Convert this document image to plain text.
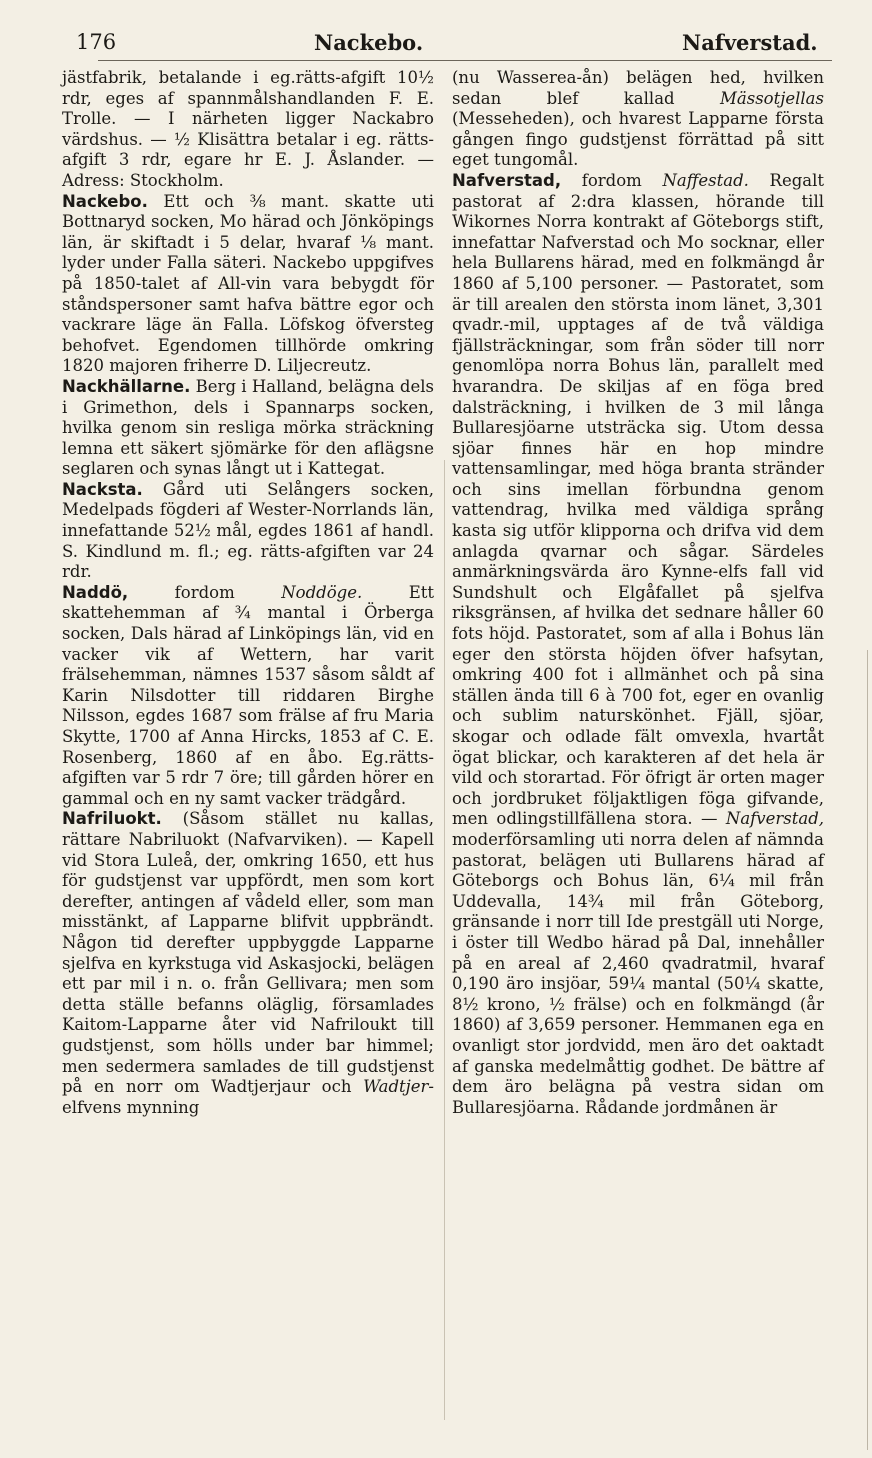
176	Nackebo.	Nafverstad.

jästfabrik, betalande i eg.rätts-afgift 10½ rdr, eges af spannmålshandlanden F. E. Trolle. — I närheten ligger Nackabro värdshus. — ½ Klisättra betalar i eg. rätts-afgift 3 rdr, egare hr E. J. Åslander. — Adress: Stockholm.

Nackebo. Ett och ⅜ mant. skatte uti Bottnaryd socken, Mo härad och Jönköpings län, är skiftadt i 5 delar, hvaraf ⅛ mant. lyder under Falla säteri. Nackebo uppgifves på 1850-talet af All-vin vara bebygdt för ståndspersoner samt hafva bättre egor och vackrare läge än Falla. Löfskog öfversteg behofvet. Egendomen tillhörde omkring 1820 majoren friherre D. Liljecreutz.

Nackhällarne. Berg i Halland, belägna dels i Grimethon, dels i Spannarps socken, hvilka genom sin resliga mörka sträckning lemna ett säkert sjömärke för den aflägsne seglaren och synas långt ut i Kattegat.

Nacksta. Gård uti Selångers socken, Medelpads fögderi af Wester-Norrlands län, innefattande 52½ mål, egdes 1861 af handl. S. Kindlund m. fl.; eg. rätts-afgiften var 24 rdr.

Naddö,	fordom	Noddöge.	Ett skattehemman af ¾ mantal i Örberga socken, Dals härad af Linköpings län, vid en vacker vik af Wettern, har varit frälsehemman, nämnes 1537 såsom såldt af Karin Nilsdotter till riddaren Birghe Nilsson, egdes 1687 som frälse af fru Maria Skytte, 1700 af Anna Hircks, 1853 af C. E. Rosenberg, 1860 af en åbo. Eg.rätts-afgiften var 5 rdr 7 öre; till gården hörer en gammal och en ny samt vacker trädgård.

Nafriluokt. (Såsom stället nu kallas, rättare Nabriluokt (Nafvarviken). — Kapell vid Stora Luleå, der, omkring 1650, ett hus för gudstjenst var uppfördt, men som kort derefter, antingen af vådeld eller, som man misstänkt, af Lapparne blifvit uppbrändt. Någon tid derefter uppbyggde Lapparne sjelfva en kyrkstuga vid Askasjocki, belägen ett par mil i n. o. från Gellivara; men som detta ställe befanns oläglig, församlades Kaitom-Lapparne åter vid Nafriloukt till gudstjenst, som hölls under bar himmel; men sedermera samlades de till gudstjenst på en norr om Wadtjerjaur och Wadtjer-elfvens mynning

(nu Wasserea-ån) belägen hed, hvilken sedan blef kallad	Mässotjellas (Messeheden), och hvarest Lapparne första gången fingo gudstjenst förrättad på sitt eget tungomål.

Nafverstad, fordom Naffestad. Regalt pastorat af 2:dra klassen, hörande till Wikornes Norra kontrakt af Göteborgs stift, innefattar Nafverstad och Mo socknar, eller hela Bullarens härad, med en folkmängd år 1860 af 5,100 personer. — Pastoratet, som är till arealen den största inom länet, 3,301 qvadr.-mil, upptages af de två väldiga fjällsträckningar, som från söder till norr genomlöpa norra Bohus län, parallelt med hvarandra. De skiljas af en föga bred dalsträckning, i hvilken de 3 mil långa Bullaresjöarne utsträcka sig. Utom dessa sjöar finnes här en hop mindre vattensamlingar, med höga branta stränder och sins imellan förbundna genom vattendrag, hvilka med väldiga språng kasta sig utför klipporna och drifva vid dem anlagda qvarnar och sågar. Särdeles anmärkningsvärda äro Kynne-elfs fall vid Sundshult och Elgåfallet på sjelfva riksgränsen, af hvilka det sednare håller 60 fots höjd. Pastoratet, som af alla i Bohus län eger den största höjden öfver hafsytan, omkring 400 fot i allmänhet och på sina ställen ända till 6 à 700 fot, eger en ovanlig och sublim naturskönhet. Fjäll, sjöar, skogar och odlade fält omvexla, hvartåt ögat blickar, och karakteren af det hela är vild och storartad. För öfrigt är orten mager och jordbruket följaktligen föga gifvande, men odlingstillfällena stora. — Nafverstad, moderförsamling uti norra delen af nämnda pastorat, belägen uti Bullarens härad af Göteborgs och Bohus län, 6¼ mil från Uddevalla, 14¾ mil från Göteborg, gränsande i norr till Ide prestgäll uti Norge, i öster till Wedbo härad på Dal, innehåller på en areal af 2,460 qvadratmil, hvaraf 0,190 äro insjöar, 59¼ mantal (50¼ skatte, 8½ krono, ½ frälse) och en folkmängd (år 1860) af 3,659 personer. Hemmanen ega en ovanligt stor jordvidd, men äro det oaktadt af ganska medelmåttig godhet. De bättre af dem äro belägna på vestra sidan om Bullaresjöarna. Rådande jordmånen är
